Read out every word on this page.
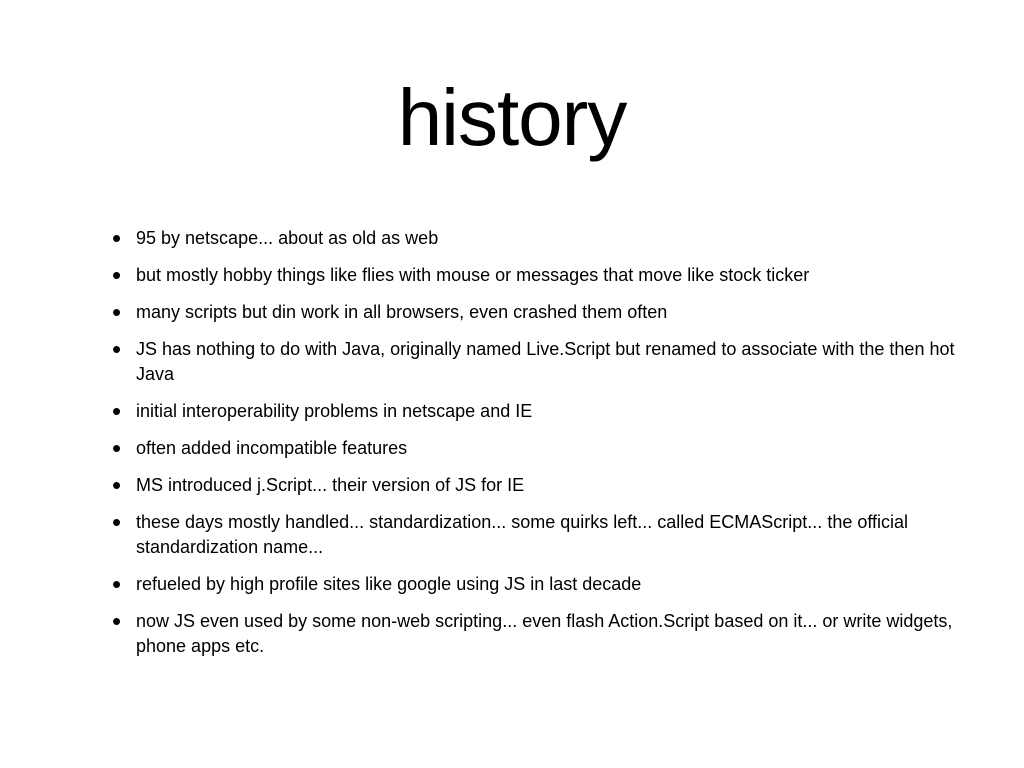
history
• 95 by netscape... about as old as web
• but mostly hobby things like flies with mouse or messages that move like stock ticker
• many scripts but din work in all browsers, even crashed them often
• JS has nothing to do with Java, originally named Live.Script but renamed to associate with the then hot Java
• initial interoperability problems in netscape and IE
• often added incompatible features
• MS introduced j.Script... their version of JS for IE
• these days mostly handled... standardization... some quirks left... called ECMAScript... the official standardization name...
• refueled by high profile sites like google using JS in last decade
• now JS even used by some non-web scripting... even flash Action.Script based on it... or write widgets, phone apps etc.
